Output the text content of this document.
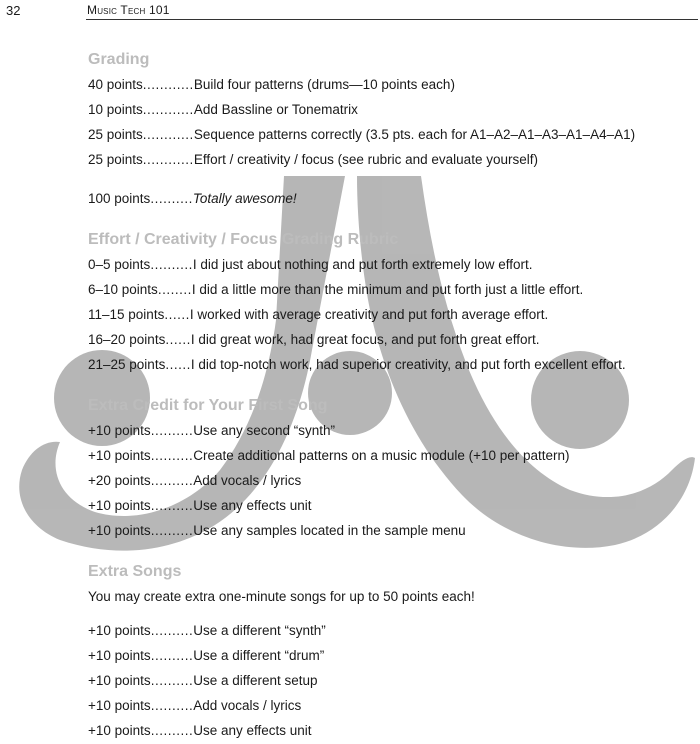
32	Music Tech 101
Grading
40 points............Build four patterns (drums—10 points each)
10 points............Add Bassline or Tonematrix
25 points............Sequence patterns correctly (3.5 pts. each for A1–A2–A1–A3–A1–A4–A1)
25 points............Effort / creativity / focus (see rubric and evaluate yourself)
100 points..........Totally awesome!
Effort / Creativity / Focus Grading Rubric
0–5 points..........I did just about nothing and put forth extremely low effort.
6–10 points........I did a little more than the minimum and put forth just a little effort.
11–15 points......I worked with average creativity and put forth average effort.
16–20 points......I did great work, had great focus, and put forth great effort.
21–25 points......I did top-notch work, had superior creativity, and put forth excellent effort.
Extra Credit for Your First Song
+10 points..........Use any second “synth”
+10 points..........Create additional patterns on a music module (+10 per pattern)
+20 points..........Add vocals / lyrics
+10 points..........Use any effects unit
+10 points..........Use any samples located in the sample menu
Extra Songs
You may create extra one-minute songs for up to 50 points each!
+10 points..........Use a different “synth”
+10 points..........Use a different “drum”
+10 points..........Use a different setup
+10 points..........Add vocals / lyrics
+10 points..........Use any effects unit
